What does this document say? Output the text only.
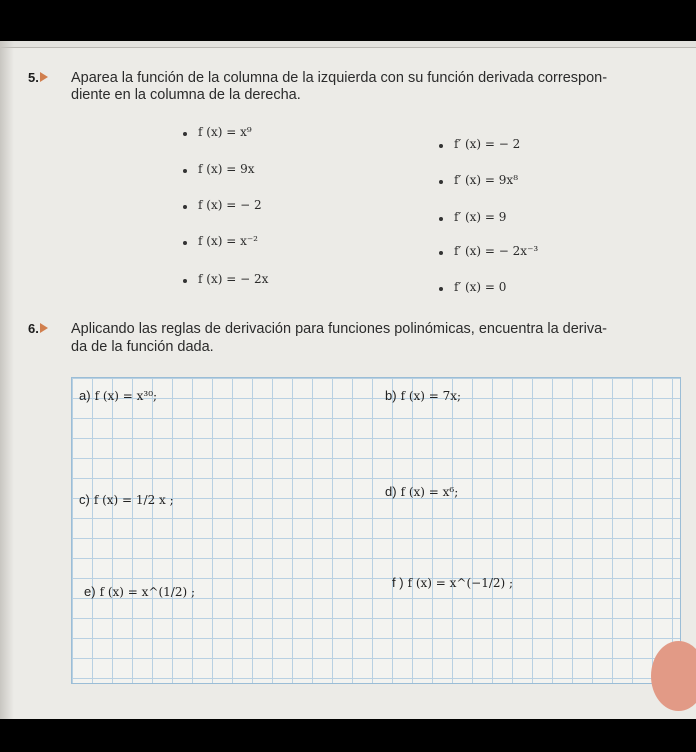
5. Aparea la función de la columna de la izquierda con su función derivada correspon-
diente en la columna de la derecha.
f (x) = x⁹
f (x) = 9x
f (x) = − 2
f (x) = x⁻²
f (x) = − 2x
f′ (x) = − 2
f′ (x) = 9x⁸
f′ (x) = 9
f′ (x) = − 2x⁻³
f′ (x) = 0
6. Aplicando las reglas de derivación para funciones polinómicas, encuentra la deriva-
da de la función dada.
a) f (x) = x³⁰;	b) f (x) = 7x;
c) f (x) = 1/2 x ;
d) f (x) = x⁶;
e) f (x) = x^(1/2) ;
f ) f (x) = x^(−1/2) ;
